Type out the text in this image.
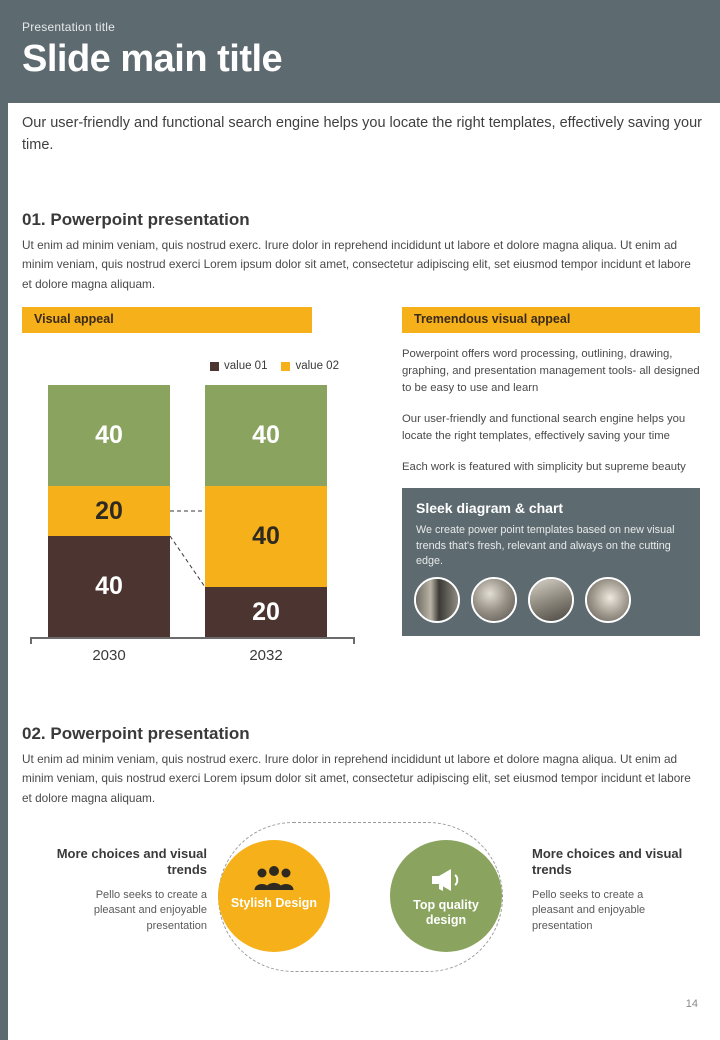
Presentation title
Slide main title
Our user-friendly and functional search engine helps you locate the right templates, effectively saving your time.
01. Powerpoint presentation
Ut enim ad minim veniam, quis nostrud exerc. Irure dolor in reprehend incididunt ut labore et dolore magna aliqua. Ut enim ad minim veniam, quis nostrud exerci Lorem ipsum dolor sit amet, consectetur adipiscing elit, set eiusmod tempor incidunt et labore et dolore magna aliquam.
Visual appeal
value 01 value 02
40
20
40
40
40
20
2030	2032
Tremendous visual appeal

Powerpoint offers word processing, outlining, drawing, graphing, and presentation management tools- all designed to be easy to use and learn

Our user-friendly and functional search engine helps you locate the right templates, effectively saving your time

Each work is featured with simplicity but supreme beauty

Sleek diagram & chart
We create power point templates based on new visual trends that's fresh, relevant and always on the cutting edge.
02. Powerpoint presentation
Ut enim ad minim veniam, quis nostrud exerc. Irure dolor in reprehend incididunt ut labore et dolore magna aliqua. Ut enim ad minim veniam, quis nostrud exerci Lorem ipsum dolor sit amet, consectetur adipiscing elit, set eiusmod tempor incidunt et labore et dolore magna aliquam.
Stylish Design	Top quality design
More choices and visual trends
Pello seeks to create a pleasant and enjoyable presentation
More choices and visual trends
Pello seeks to create a pleasant and enjoyable presentation
14
